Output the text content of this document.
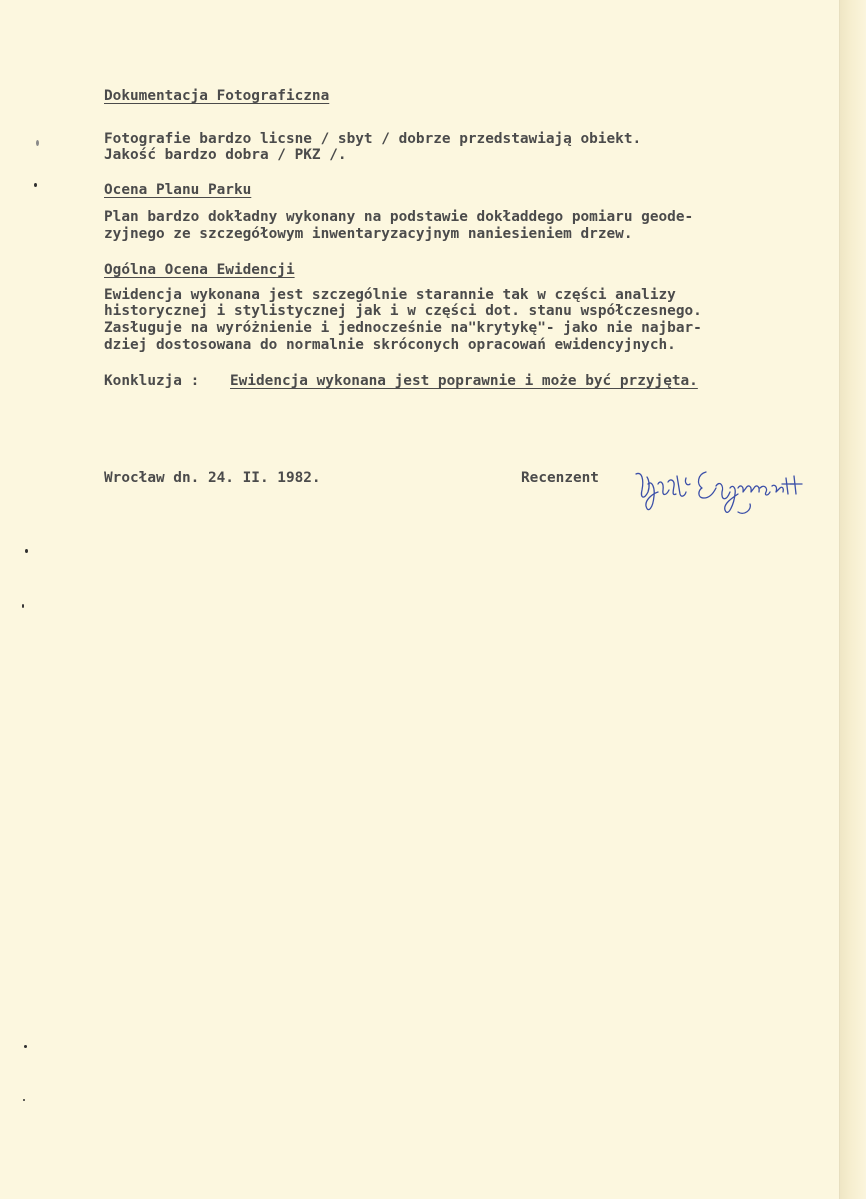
Dokumentacja Fotograficzna
Fotografie bardzo licsne / sbyt / dobrze przedstawiają obiekt.
Jakość bardzo dobra / PKZ /.
Ocena Planu Parku
Plan bardzo dokładny wykonany na podstawie dokładdego pomiaru geode-
zyjnego ze szczegółowym inwentaryzacyjnym naniesieniem drzew.
Ogólna Ocena Ewidencji
Ewidencja wykonana jest szczególnie starannie tak w części analizy
historycznej i stylistycznej jak i w części dot. stanu współczesnego.
Zasługuje na wyróżnienie i jednocześnie na"krytykę"- jako nie najbar-
dziej dostosowana do normalnie skróconych opracowań ewidencyjnych.
Konkluzja : Ewidencja wykonana jest poprawnie i może być przyjęta.
Wrocław dn. 24. II. 1982.	Recenzent
